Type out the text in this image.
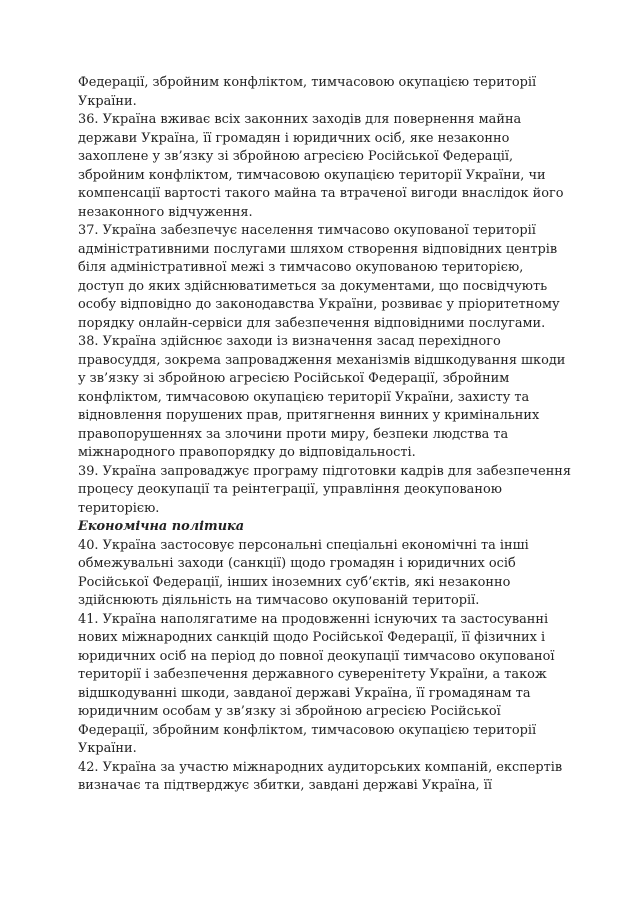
Федерації, збройним конфліктом, тимчасовою окупацією території
України.
36. Україна вживає всіх законних заходів для повернення майна
держави Україна, її громадян і юридичних осіб, яке незаконно
захоплене у зв’язку зі збройною агресією Російської Федерації,
збройним конфліктом, тимчасовою окупацією території України, чи
компенсації вартості такого майна та втраченої вигоди внаслідок його
незаконного відчуження.
37. Україна забезпечує населення тимчасово окупованої території
адміністративними послугами шляхом створення відповідних центрів
біля адміністративної межі з тимчасово окупованою територією,
доступ до яких здійснюватиметься за документами, що посвідчують
особу відповідно до законодавства України, розвиває у пріоритетному
порядку онлайн-сервіси для забезпечення відповідними послугами.
38. Україна здійснює заходи із визначення засад перехідного
правосуддя, зокрема запровадження механізмів відшкодування шкоди
у зв’язку зі збройною агресією Російської Федерації, збройним
конфліктом, тимчасовою окупацією території України, захисту та
відновлення порушених прав, притягнення винних у кримінальних
правопорушеннях за злочини проти миру, безпеки людства та
міжнародного правопорядку до відповідальності.
39. Україна запроваджує програму підготовки кадрів для забезпечення
процесу деокупації та реінтеграції, управління деокупованою
територією.
Економічна політика
40. Україна застосовує персональні спеціальні економічні та інші
обмежувальні заходи (санкції) щодо громадян і юридичних осіб
Російської Федерації, інших іноземних суб’єктів, які незаконно
здійснюють діяльність на тимчасово окупованій території.
41. Україна наполягатиме на продовженні існуючих та застосуванні
нових міжнародних санкцій щодо Російської Федерації, її фізичних і
юридичних осіб на період до повної деокупації тимчасово окупованої
території і забезпечення державного суверенітету України, а також
відшкодуванні шкоди, завданої державі Україна, її громадянам та
юридичним особам у зв’язку зі збройною агресією Російської
Федерації, збройним конфліктом, тимчасовою окупацією території
України.
42. Україна за участю міжнародних аудиторських компаній, експертів
визначає та підтверджує збитки, завдані державі Україна, її
